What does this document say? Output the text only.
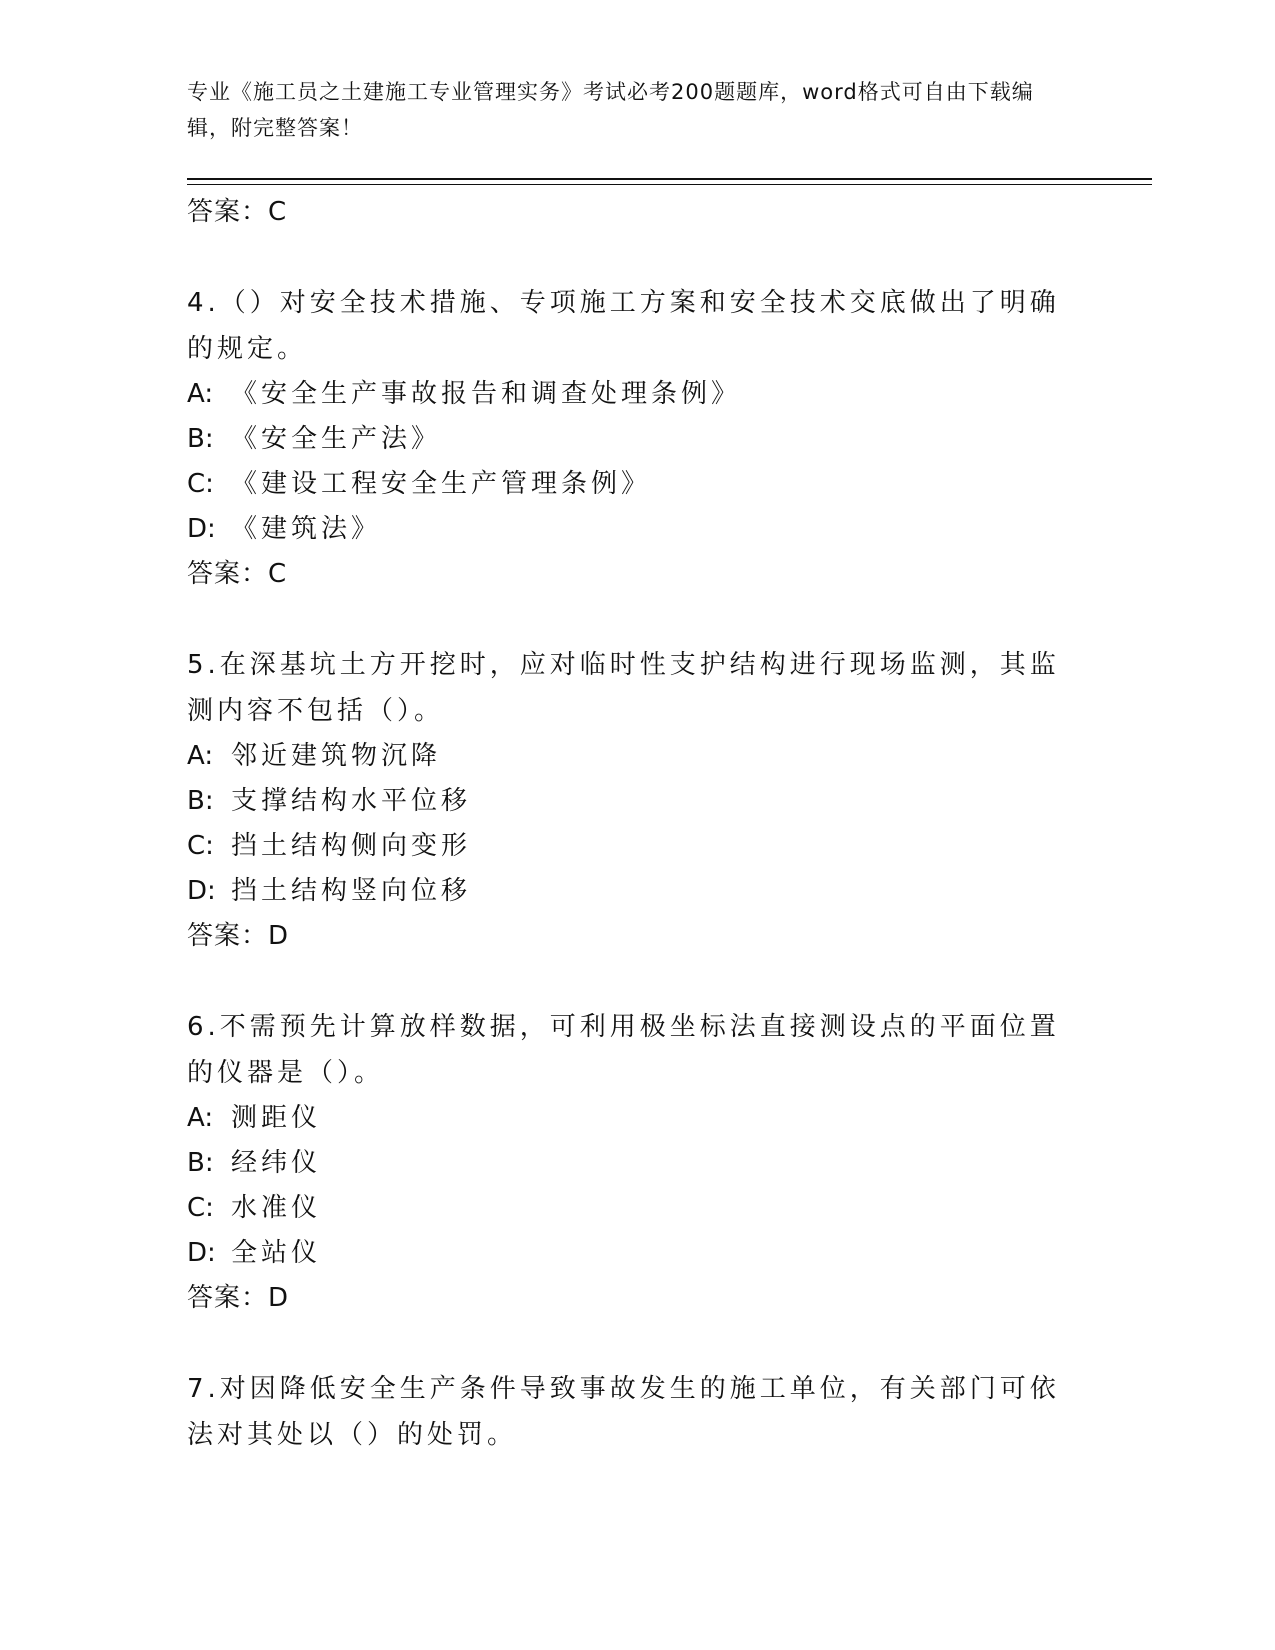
专业《施工员之土建施工专业管理实务》考试必考200题题库，word格式可自由下载编辑，附完整答案！

答案：C

4.（）对安全技术措施、专项施工方案和安全技术交底做出了明确的规定。

A: 《安全生产事故报告和调查处理条例》

B: 《安全生产法》

C: 《建设工程安全生产管理条例》

D: 《建筑法》

答案：C

5.在深基坑土方开挖时，应对临时性支护结构进行现场监测，其监测内容不包括（）。

A: 邻近建筑物沉降

B: 支撑结构水平位移

C: 挡土结构侧向变形

D: 挡土结构竖向位移

答案：D

6.不需预先计算放样数据，可利用极坐标法直接测设点的平面位置的仪器是（）。

A: 测距仪

B: 经纬仪

C: 水准仪

D: 全站仪

答案：D

7.对因降低安全生产条件导致事故发生的施工单位，有关部门可依法对其处以（）的处罚。
